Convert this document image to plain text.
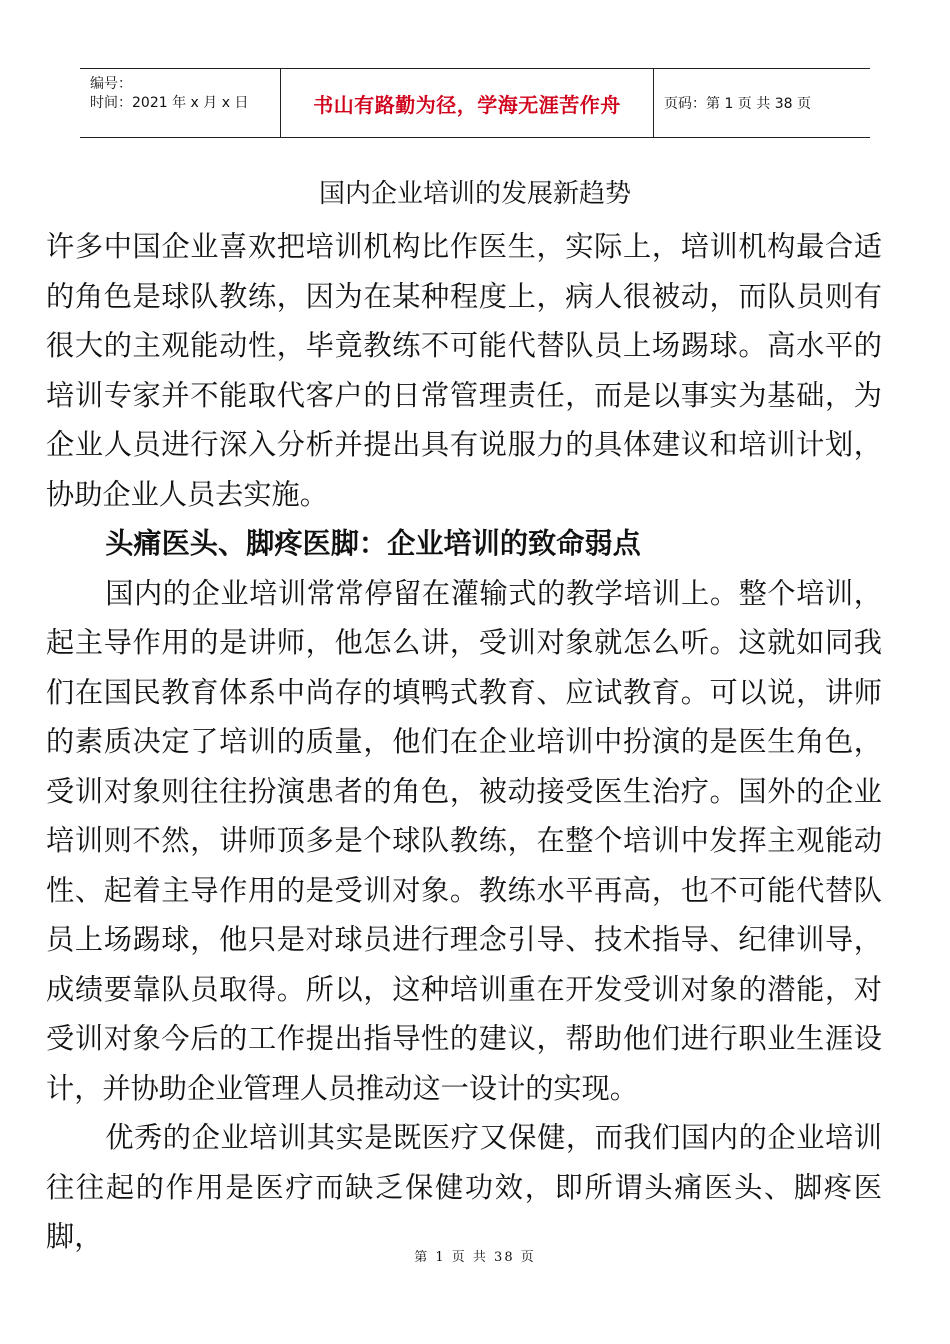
编号：
时间：2021 年 x 月 x 日	书山有路勤为径，学海无涯苦作舟	页码：第 1 页 共 38 页
国内企业培训的发展新趋势

许多中国企业喜欢把培训机构比作医生，实际上，培训机构最合适的角色是球队教练，因为在某种程度上，病人很被动，而队员则有很大的主观能动性，毕竟教练不可能代替队员上场踢球。高水平的培训专家并不能取代客户的日常管理责任，而是以事实为基础，为企业人员进行深入分析并提出具有说服力的具体建议和培训计划，协助企业人员去实施。

头痛医头、脚疼医脚：企业培训的致命弱点

国内的企业培训常常停留在灌输式的教学培训上。整个培训，起主导作用的是讲师，他怎么讲，受训对象就怎么听。这就如同我们在国民教育体系中尚存的填鸭式教育、应试教育。可以说，讲师的素质决定了培训的质量，他们在企业培训中扮演的是医生角色，受训对象则往往扮演患者的角色，被动接受医生治疗。国外的企业培训则不然，讲师顶多是个球队教练，在整个培训中发挥主观能动性、起着主导作用的是受训对象。教练水平再高，也不可能代替队员上场踢球，他只是对球员进行理念引导、技术指导、纪律训导，成绩要靠队员取得。所以，这种培训重在开发受训对象的潜能，对受训对象今后的工作提出指导性的建议，帮助他们进行职业生涯设计，并协助企业管理人员推动这一设计的实现。

优秀的企业培训其实是既医疗又保健，而我们国内的企业培训往往起的作用是医疗而缺乏保健功效，即所谓头痛医头、脚疼医脚，

第 1 页 共 38 页
